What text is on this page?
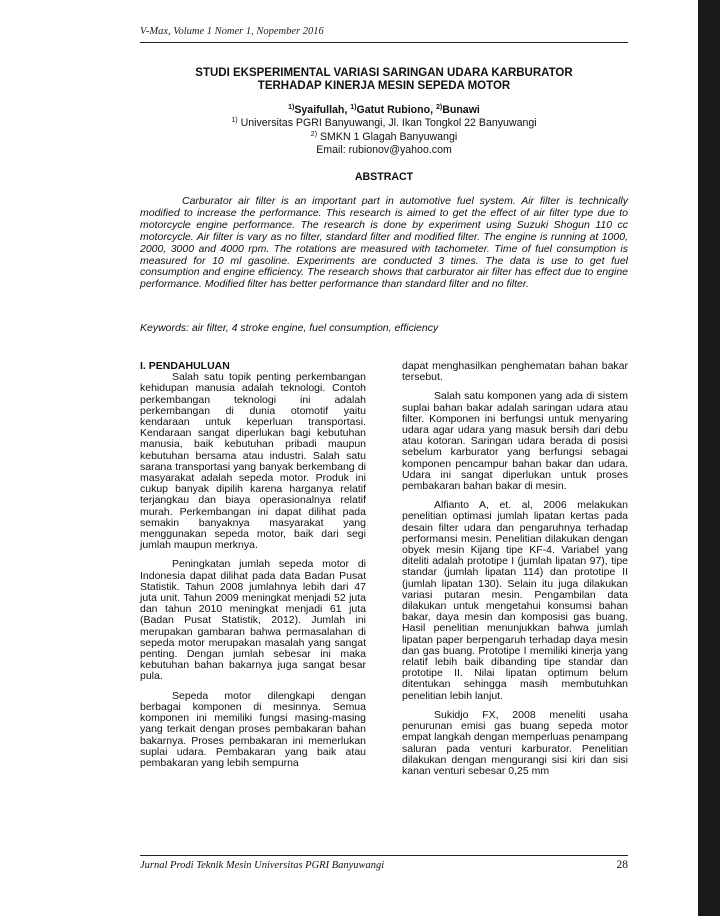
V-Max, Volume 1 Nomer 1, Nopember 2016
STUDI EKSPERIMENTAL VARIASI SARINGAN UDARA KARBURATOR
TERHADAP KINERJA MESIN SEPEDA MOTOR
$^{1)}$Syaifullah, $^{1)}$Gatut Rubiono, $^{2)}$Bunawi
$^{1)}$ Universitas PGRI Banyuwangi, Jl. Ikan Tongkol 22 Banyuwangi
$^{2)}$ SMKN 1 Glagah Banyuwangi
Email: rubionov@yahoo.com
ABSTRACT

Carburator air filter is an important part in automotive fuel system. Air filter is technically modified to increase the performance. This research is aimed to get the effect of air filter type due to motorcycle engine performance. The research is done by experiment using Suzuki Shogun 110 cc motorcycle. Air filter is vary as no filter, standard filter and modified filter. The engine is running at 1000, 2000, 3000 and 4000 rpm. The rotations are measured with tachometer. Time of fuel consumption is measured for 10 ml gasoline. Experiments are conducted 3 times. The data is use to get fuel consumption and engine efficiency. The research shows that carburator air filter has effect due to engine performance. Modified filter has better performance than standard filter and no filter.

Keywords: air filter, 4 stroke engine, fuel consumption, efficiency
I. PENDAHULUAN

Salah satu topik penting perkembangan kehidupan manusia adalah teknologi. Contoh perkembangan teknologi ini adalah perkembangan di dunia otomotif yaitu kendaraan untuk keperluan transportasi. Kendaraan sangat diperlukan bagi kebutuhan manusia, baik kebutuhan pribadi maupun kebutuhan bersama atau industri. Salah satu sarana transportasi yang banyak berkembang di masyarakat adalah sepeda motor. Produk ini cukup banyak dipilih karena harganya relatif terjangkau dan biaya operasionalnya relatif murah. Perkembangan ini dapat dilihat pada semakin banyaknya masyarakat yang menggunakan sepeda motor, baik dari segi jumlah maupun merknya.

Peningkatan jumlah sepeda motor di Indonesia dapat dilihat pada data Badan Pusat Statistik. Tahun 2008 jumlahnya lebih dari 47 juta unit. Tahun 2009 meningkat menjadi 52 juta dan tahun 2010 meningkat menjadi 61 juta (Badan Pusat Statistik, 2012). Jumlah ini merupakan gambaran bahwa permasalahan di sepeda motor merupakan masalah yang sangat penting. Dengan jumlah sebesar ini maka kebutuhan bahan bakarnya juga sangat besar pula.

Sepeda motor dilengkapi dengan berbagai komponen di mesinnya. Semua komponen ini memiliki fungsi masing-masing yang terkait dengan proses pembakaran bahan bakarnya. Proses pembakaran ini memerlukan suplai udara. Pembakaran yang baik atau pembakaran yang lebih sempurna

dapat menghasilkan penghematan bahan bakar tersebut.

Salah satu komponen yang ada di sistem suplai bahan bakar adalah saringan udara atau filter. Komponen ini berfungsi untuk menyaring udara agar udara yang masuk bersih dari debu atau kotoran. Saringan udara berada di posisi sebelum karburator yang berfungsi sebagai komponen pencampur bahan bakar dan udara. Udara ini sangat diperlukan untuk proses pembakaran bahan bakar di mesin.

Alfianto A, et. al, 2006 melakukan penelitian optimasi jumlah lipatan kertas pada desain filter udara dan pengaruhnya terhadap performansi mesin. Penelitian dilakukan dengan obyek mesin Kijang tipe KF-4. Variabel yang diteliti adalah prototipe I (jumlah lipatan 97), tipe standar (jumlah lipatan 114) dan prototipe II (jumlah lipatan 130). Selain itu juga dilakukan variasi putaran mesin. Pengambilan data dilakukan untuk mengetahui konsumsi bahan bakar, daya mesin dan komposisi gas buang. Hasil penelitian menunjukkan bahwa jumlah lipatan paper berpengaruh terhadap daya mesin dan gas buang. Prototipe I memiliki kinerja yang relatif lebih baik dibanding tipe standar dan prototipe II. Nilai lipatan optimum belum ditentukan sehingga masih membutuhkan penelitian lebih lanjut.

Sukidjo FX, 2008 meneliti usaha penurunan emisi gas buang sepeda motor empat langkah dengan memperluas penampang saluran pada venturi karburator. Penelitian dilakukan dengan mengurangi sisi kiri dan sisi kanan venturi sebesar 0,25 mm

Jurnal Prodi Teknik Mesin Universitas PGRI Banyuwangi	28
